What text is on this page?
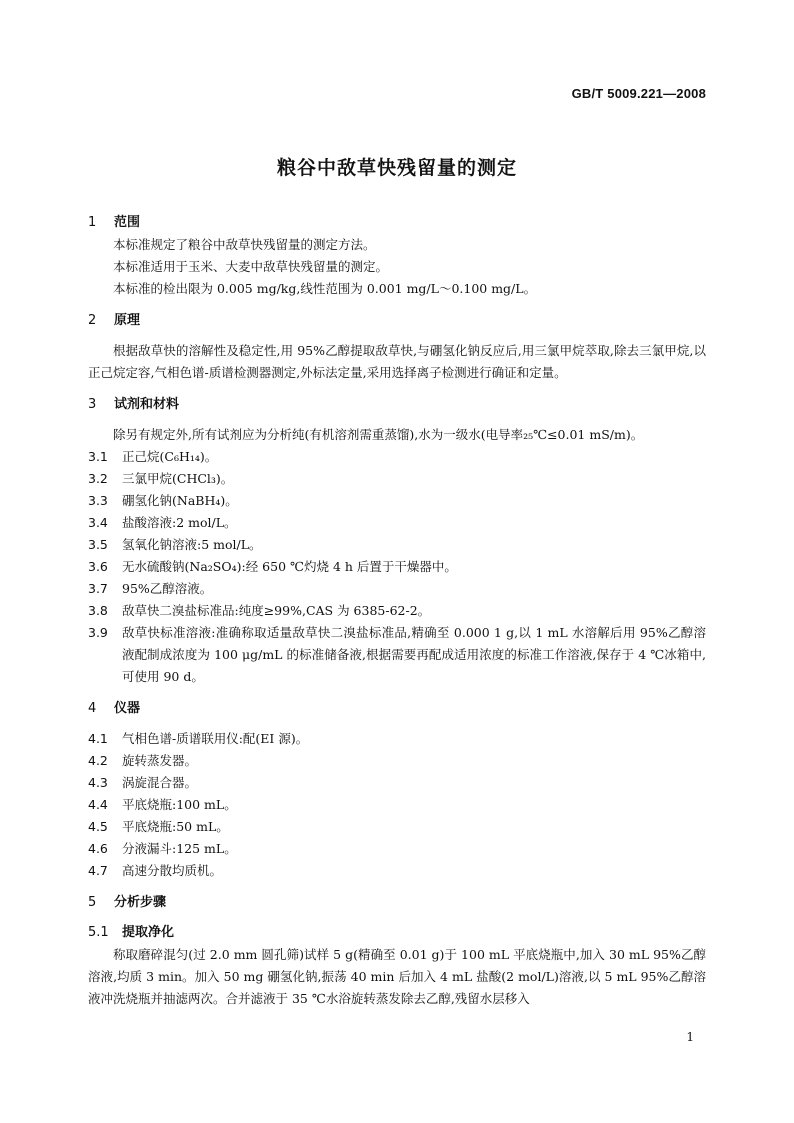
GB/T 5009.221—2008
粮谷中敌草快残留量的测定
1 范围
本标准规定了粮谷中敌草快残留量的测定方法。
本标准适用于玉米、大麦中敌草快残留量的测定。
本标准的检出限为 0.005 mg/kg,线性范围为 0.001 mg/L～0.100 mg/L。
2 原理
根据敌草快的溶解性及稳定性,用 95%乙醇提取敌草快,与硼氢化钠反应后,用三氯甲烷萃取,除去三氯甲烷,以正己烷定容,气相色谱-质谱检测器测定,外标法定量,采用选择离子检测进行确证和定量。
3 试剂和材料
除另有规定外,所有试剂应为分析纯(有机溶剂需重蒸馏),水为一级水(电导率₂₅℃≤0.01 mS/m)。
3.1	正己烷(C₆H₁₄)。
3.2	三氯甲烷(CHCl₃)。
3.3	硼氢化钠(NaBH₄)。
3.4	盐酸溶液:2 mol/L。
3.5	氢氧化钠溶液:5 mol/L。
3.6	无水硫酸钠(Na₂SO₄):经 650 ℃灼烧 4 h 后置于干燥器中。
3.7	95%乙醇溶液。
3.8	敌草快二溴盐标准品:纯度≥99%,CAS 为 6385-62-2。
3.9	敌草快标准溶液:准确称取适量敌草快二溴盐标准品,精确至 0.000 1 g,以 1 mL 水溶解后用 95%乙醇溶液配制成浓度为 100 μg/mL 的标准储备液,根据需要再配成适用浓度的标准工作溶液,保存于 4 ℃冰箱中,可使用 90 d。
4 仪器
4.1	气相色谱-质谱联用仪:配(EI 源)。
4.2	旋转蒸发器。
4.3	涡旋混合器。
4.4	平底烧瓶:100 mL。
4.5	平底烧瓶:50 mL。
4.6	分液漏斗:125 mL。
4.7	高速分散均质机。
5 分析步骤
5.1	提取净化
称取磨碎混匀(过 2.0 mm 圆孔筛)试样 5 g(精确至 0.01 g)于 100 mL 平底烧瓶中,加入 30 mL 95%乙醇溶液,均质 3 min。加入 50 mg 硼氢化钠,振荡 40 min 后加入 4 mL 盐酸(2 mol/L)溶液,以 5 mL 95%乙醇溶液冲洗烧瓶并抽滤两次。合并滤液于 35 ℃水浴旋转蒸发除去乙醇,残留水层移入
1
